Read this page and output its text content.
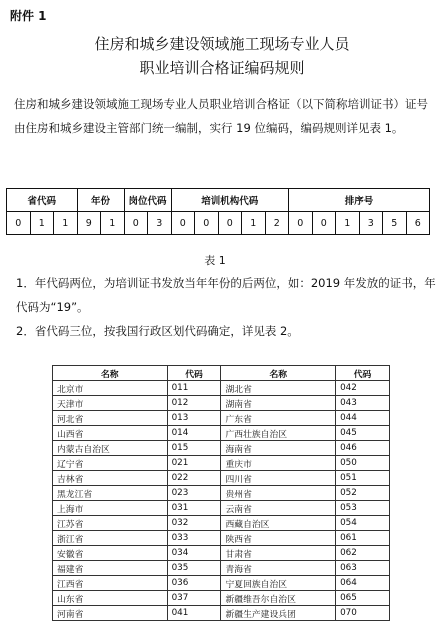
附件 1
住房和城乡建设领域施工现场专业人员
职业培训合格证编码规则
住房和城乡建设领域施工现场专业人员职业培训合格证（以下简称培训证书）证号由住房和城乡建设主管部门统一编制，实行 19 位编码，编码规则详见表 1。
省代码			年份		岗位代码		培训机构代码					排序号					
0	1	1	9	1	0	3	0	0	0	1	2	0	0	1	3	5	6
表 1
1．年代码两位，为培训证书发放当年年份的后两位，如：2019 年发放的证书，年代码为“19”。
2．省代码三位，按我国行政区划代码确定，详见表 2。
名称	代码	名称	代码
北京市	011	湖北省	042
天津市	012	湖南省	043
河北省	013	广东省	044
山西省	014	广西壮族自治区	045
内蒙古自治区	015	海南省	046
辽宁省	021	重庆市	050
吉林省	022	四川省	051
黑龙江省	023	贵州省	052
上海市	031	云南省	053
江苏省	032	西藏自治区	054
浙江省	033	陕西省	061
安徽省	034	甘肃省	062
福建省	035	青海省	063
江西省	036	宁夏回族自治区	064
山东省	037	新疆维吾尔自治区	065
河南省	041	新疆生产建设兵团	070
